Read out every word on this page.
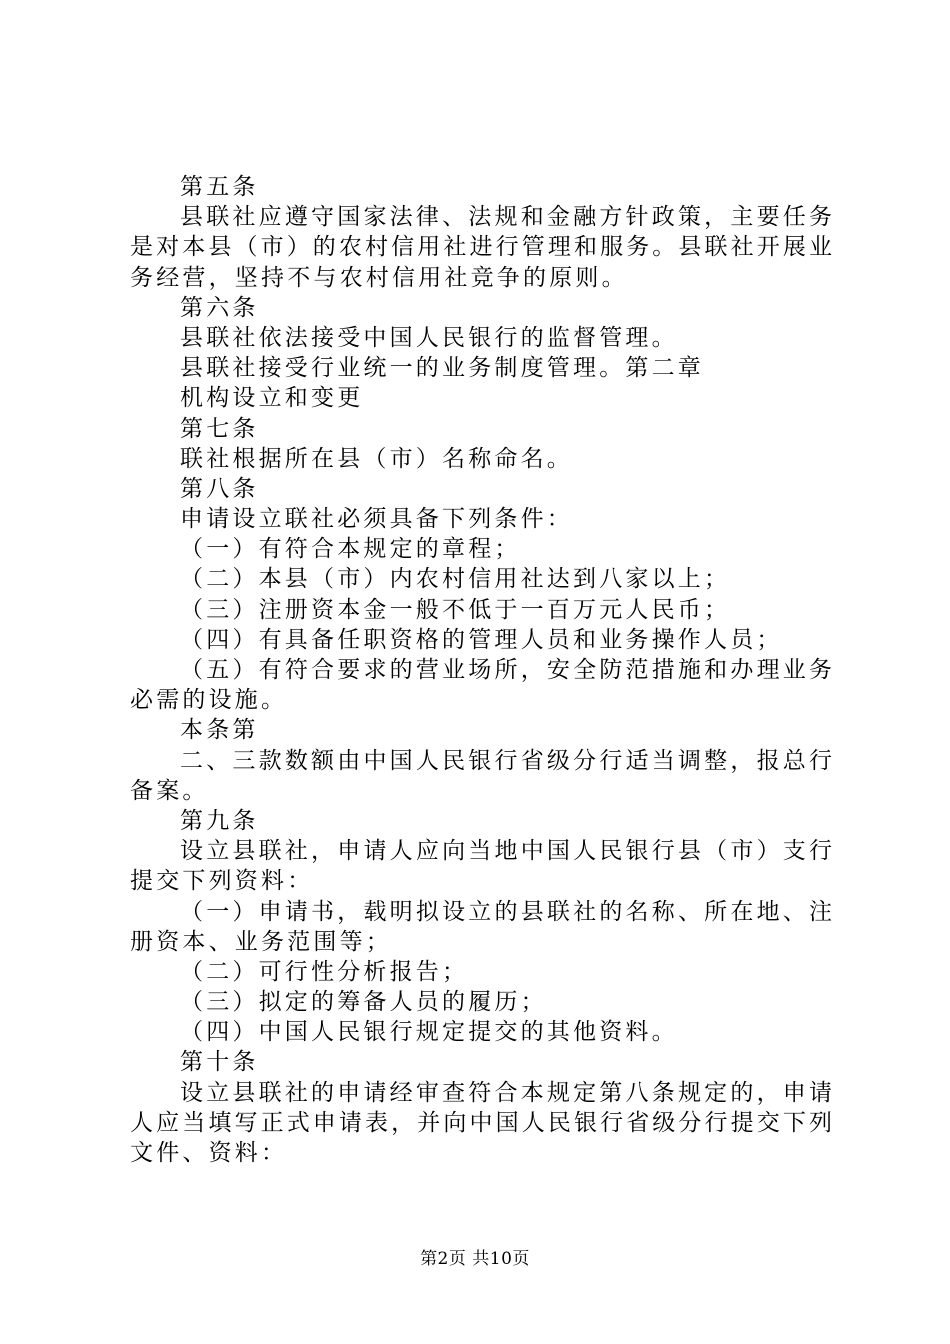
第五条
县联社应遵守国家法律、法规和金融方针政策，主要任务
是对本县（市）的农村信用社进行管理和服务。县联社开展业
务经营，坚持不与农村信用社竞争的原则。
第六条
县联社依法接受中国人民银行的监督管理。
县联社接受行业统一的业务制度管理。第二章
机构设立和变更
第七条
联社根据所在县（市）名称命名。
第八条
申请设立联社必须具备下列条件：
（一）有符合本规定的章程；
（二）本县（市）内农村信用社达到八家以上；
（三）注册资本金一般不低于一百万元人民币；
（四）有具备任职资格的管理人员和业务操作人员；
（五）有符合要求的营业场所，安全防范措施和办理业务
必需的设施。
本条第
二、三款数额由中国人民银行省级分行适当调整，报总行
备案。
第九条
设立县联社，申请人应向当地中国人民银行县（市）支行
提交下列资料：
（一）申请书，载明拟设立的县联社的名称、所在地、注
册资本、业务范围等；
（二）可行性分析报告；
（三）拟定的筹备人员的履历；
（四）中国人民银行规定提交的其他资料。
第十条
设立县联社的申请经审查符合本规定第八条规定的，申请
人应当填写正式申请表，并向中国人民银行省级分行提交下列
文件、资料：
第2页 共10页
